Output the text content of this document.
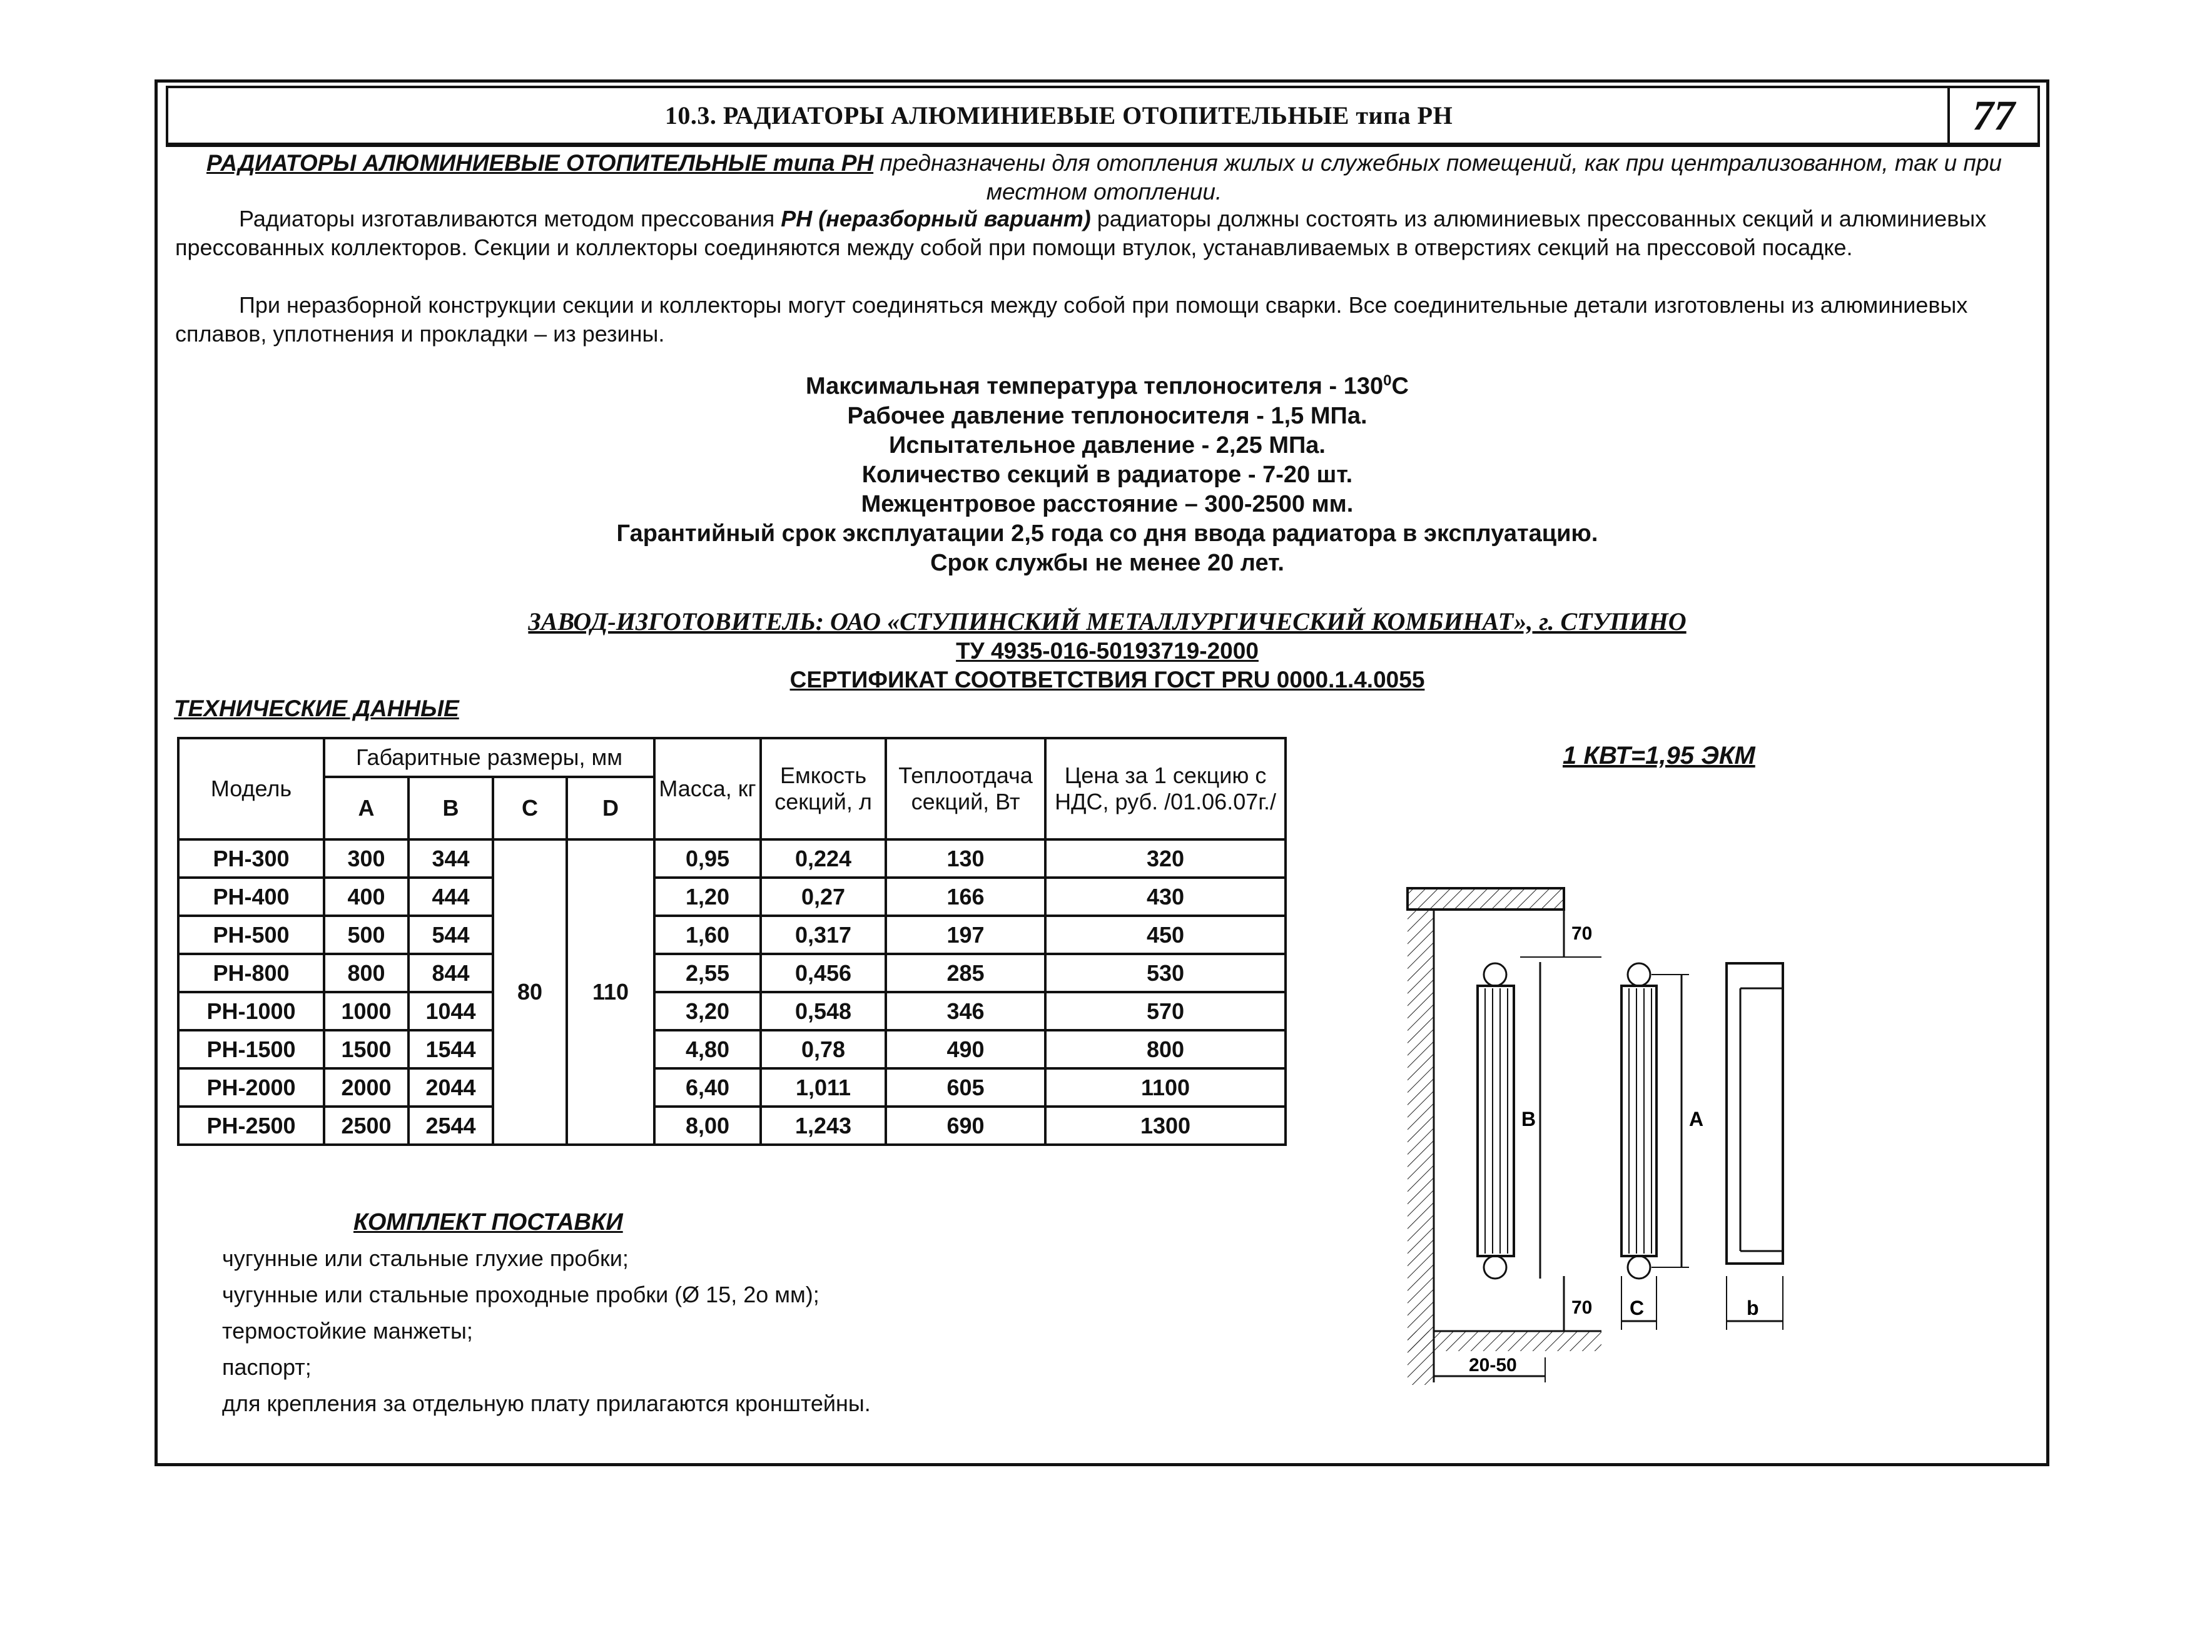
10.3. РАДИАТОРЫ АЛЮМИНИЕВЫЕ ОТОПИТЕЛЬНЫЕ типа РН	77
РАДИАТОРЫ АЛЮМИНИЕВЫЕ ОТОПИТЕЛЬНЫЕ типа РН предназначены для отопления жилых и служебных помещений, как при централизованном, так и при местном отоплении.
Радиаторы изготавливаются методом прессования РН (неразборный вариант) радиаторы должны состоять из алюминиевых прессованных секций и алюминиевых прессованных коллекторов. Секции и коллекторы соединяются между собой при помощи втулок, устанавливаемых в отверстиях секций на прессовой посадке.
При неразборной конструкции секции и коллекторы могут соединяться между собой при помощи сварки. Все соединительные детали изготовлены из алюминиевых сплавов, уплотнения и прокладки – из резины.
Максимальная температура теплоносителя - $130^0С$
Рабочее давление теплоносителя - 1,5 МПа.
Испытательное давление - 2,25 МПа.
Количество секций в радиаторе - 7-20 шт.
Межцентровое расстояние – 300-2500 мм.
Гарантийный срок эксплуатации 2,5 года со дня ввода радиатора в эксплуатацию.
Срок службы не менее 20 лет.
ЗАВОД-ИЗГОТОВИТЕЛЬ: ОАО «СТУПИНСКИЙ МЕТАЛЛУРГИЧЕСКИЙ КОМБИНАТ», г. СТУПИНО
ТУ 4935-016-50193719-2000
СЕРТИФИКАТ СООТВЕТСТВИЯ ГОСТ PRU 0000.1.4.0055
ТЕХНИЧЕСКИЕ ДАННЫЕ
1 КВТ=1,95 ЭКМ
Модель	Габаритные размеры, мм				Масса, кг	Емкость секций, л	Теплоотдача секций, Вт	Цена за 1 секцию с НДС, руб. /01.06.07г./
	А	В	С	D				
РН-300	300	344	80	110	0,95	0,224	130	320
РН-400	400	444			1,20	0,27	166	430
РН-500	500	544			1,60	0,317	197	450
РН-800	800	844			2,55	0,456	285	530
РН-1000	1000	1044			3,20	0,548	346	570
РН-1500	1500	1544			4,80	0,78	490	800
РН-2000	2000	2044			6,40	1,011	605	1100
РН-2500	2500	2544			8,00	1,243	690	1300
КОМПЛЕКТ ПОСТАВКИ
чугунные или стальные глухие пробки;
чугунные или стальные проходные пробки (Ø 15, 2о мм);
термостойкие манжеты;
паспорт;
для крепления за отдельную плату прилагаются кронштейны.
70
B	A
70 C	b
20-50
